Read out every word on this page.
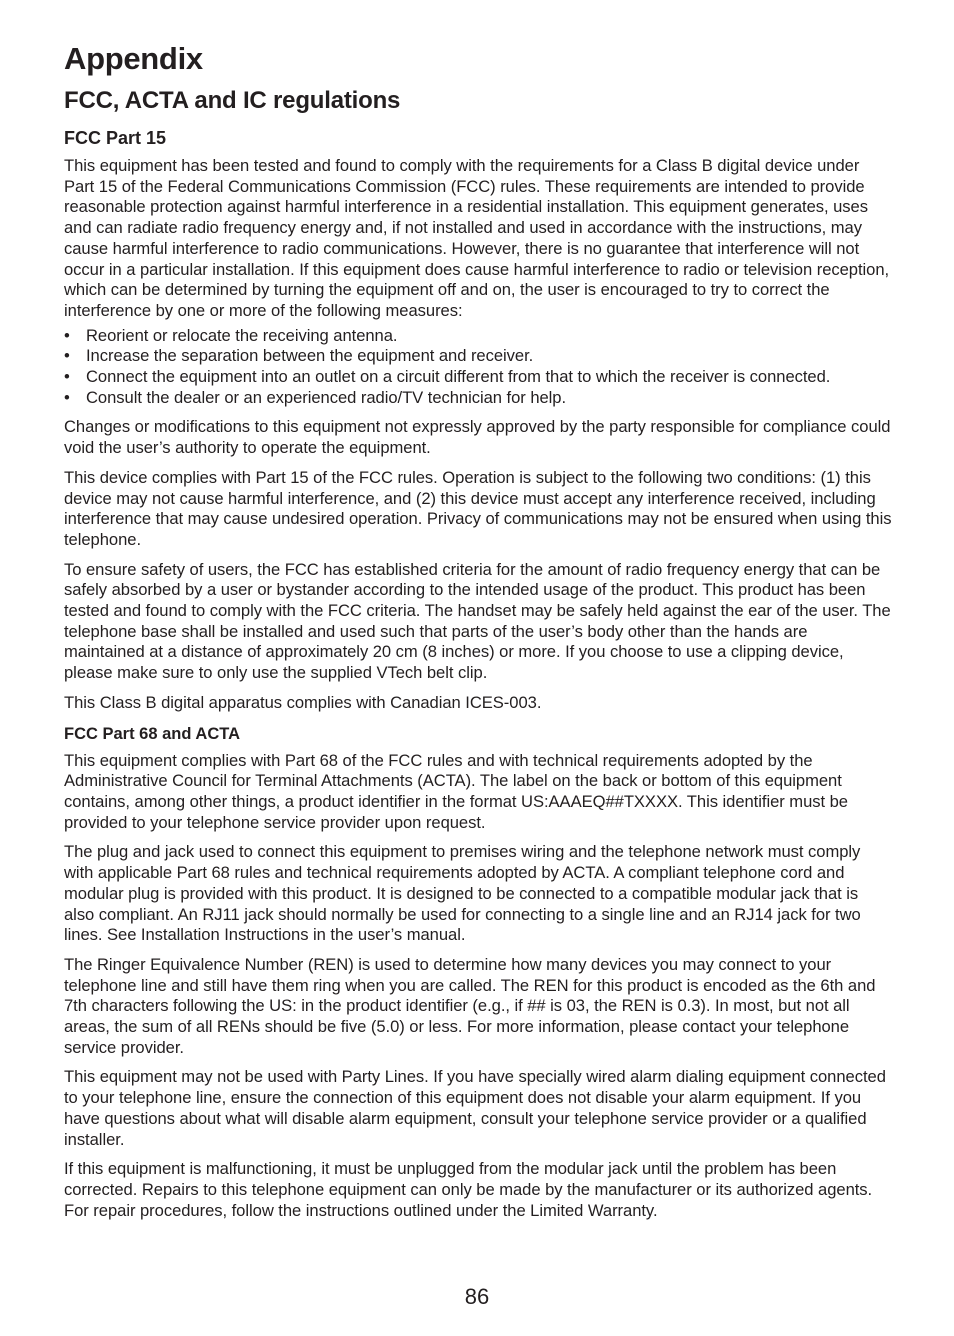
Appendix
FCC, ACTA and IC regulations
FCC Part 15

This equipment has been tested and found to comply with the requirements for a Class B digital device under Part 15 of the Federal Communications Commission (FCC) rules. These requirements are intended to provide reasonable protection against harmful interference in a residential installation. This equipment generates, uses and can radiate radio frequency energy and, if not installed and used in accordance with the instructions, may cause harmful interference to radio communications. However, there is no guarantee that interference will not occur in a particular installation. If this equipment does cause harmful interference to radio or television reception, which can be determined by turning the equipment off and on, the user is encouraged to try to correct the interference by one or more of the following measures:

• Reorient or relocate the receiving antenna.
• Increase the separation between the equipment and receiver.
• Connect the equipment into an outlet on a circuit different from that to which the receiver is connected.
• Consult the dealer or an experienced radio/TV technician for help.

Changes or modifications to this equipment not expressly approved by the party responsible for compliance could void the user’s authority to operate the equipment.

This device complies with Part 15 of the FCC rules. Operation is subject to the following two conditions: (1) this device may not cause harmful interference, and (2) this device must accept any interference received, including interference that may cause undesired operation. Privacy of communications may not be ensured when using this telephone.

To ensure safety of users, the FCC has established criteria for the amount of radio frequency energy that can be safely absorbed by a user or bystander according to the intended usage of the product. This product has been tested and found to comply with the FCC criteria. The handset may be safely held against the ear of the user. The telephone base shall be installed and used such that parts of the user’s body other than the hands are maintained at a distance of approximately 20 cm (8 inches) or more. If you choose to use a clipping device, please make sure to only use the supplied VTech belt clip.

This Class B digital apparatus complies with Canadian ICES-003.

FCC Part 68 and ACTA

This equipment complies with Part 68 of the FCC rules and with technical requirements adopted by the Administrative Council for Terminal Attachments (ACTA). The label on the back or bottom of this equipment contains, among other things, a product identifier in the format US:AAAEQ##TXXXX. This identifier must be provided to your telephone service provider upon request.

The plug and jack used to connect this equipment to premises wiring and the telephone network must comply with applicable Part 68 rules and technical requirements adopted by ACTA. A compliant telephone cord and modular plug is provided with this product. It is designed to be connected to a compatible modular jack that is also compliant. An RJ11 jack should normally be used for connecting to a single line and an RJ14 jack for two lines. See Installation Instructions in the user’s manual.

The Ringer Equivalence Number (REN) is used to determine how many devices you may connect to your telephone line and still have them ring when you are called. The REN for this product is encoded as the 6th and 7th characters following the US: in the product identifier (e.g., if ## is 03, the REN is 0.3). In most, but not all areas, the sum of all RENs should be five (5.0) or less. For more information, please contact your telephone service provider.

This equipment may not be used with Party Lines. If you have specially wired alarm dialing equipment connected to your telephone line, ensure the connection of this equipment does not disable your alarm equipment. If you have questions about what will disable alarm equipment, consult your telephone service provider or a qualified installer.

If this equipment is malfunctioning, it must be unplugged from the modular jack until the problem has been corrected. Repairs to this telephone equipment can only be made by the manufacturer or its authorized agents. For repair procedures, follow the instructions outlined under the Limited Warranty.

86
